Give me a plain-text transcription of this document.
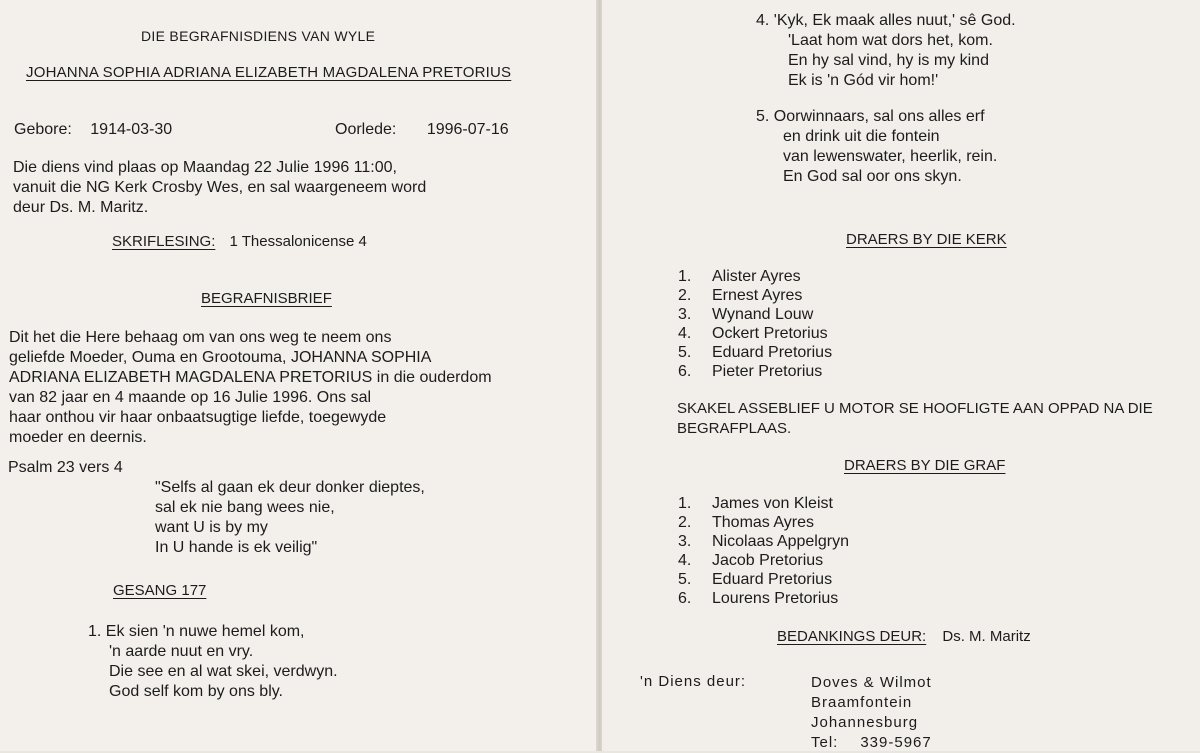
DIE BEGRAFNISDIENS VAN WYLE
JOHANNA SOPHIA ADRIANA ELIZABETH MAGDALENA PRETORIUS
Gebore: 1914-03-30	Oorlede: 1996-07-16
Die diens vind plaas op Maandag 22 Julie 1996 11:00,
vanuit die NG Kerk Crosby Wes, en sal waargeneem word
deur Ds. M. Maritz.
SKRIFLESING: 1 Thessalonicense 4
BEGRAFNISBRIEF
Dit het die Here behaag om van ons weg te neem ons
geliefde Moeder, Ouma en Grootouma, JOHANNA SOPHIA
ADRIANA ELIZABETH MAGDALENA PRETORIUS in die ouderdom
van 82 jaar en 4 maande op 16 Julie 1996. Ons sal
haar onthou vir haar onbaatsugtige liefde, toegewyde
moeder en deernis.
Psalm 23 vers 4
"Selfs al gaan ek deur donker dieptes,
sal ek nie bang wees nie,
want U is by my
In U hande is ek veilig"
GESANG 177
1. Ek sien 'n nuwe hemel kom,
'n aarde nuut en vry.
Die see en al wat skei, verdwyn.
God self kom by ons bly.
4. 'Kyk, Ek maak alles nuut,' sê God.
'Laat hom wat dors het, kom.
En hy sal vind, hy is my kind
Ek is 'n Gód vir hom!'
5. Oorwinnaars, sal ons alles erf
en drink uit die fontein
van lewenswater, heerlik, rein.
En God sal oor ons skyn.
DRAERS BY DIE KERK
1. Alister Ayres
2. Ernest Ayres
3. Wynand Louw
4. Ockert Pretorius
5. Eduard Pretorius
6. Pieter Pretorius
SKAKEL ASSEBLIEF U MOTOR SE HOOFLIGTE AAN OPPAD NA DIE
BEGRAFPLAAS.
DRAERS BY DIE GRAF
1. James von Kleist
2. Thomas Ayres
3. Nicolaas Appelgryn
4. Jacob Pretorius
5. Eduard Pretorius
6. Lourens Pretorius
BEDANKINGS DEUR: Ds. M. Maritz
'n Diens deur:	Doves & Wilmot
Braamfontein
Johannesburg
Tel: 339-5967
